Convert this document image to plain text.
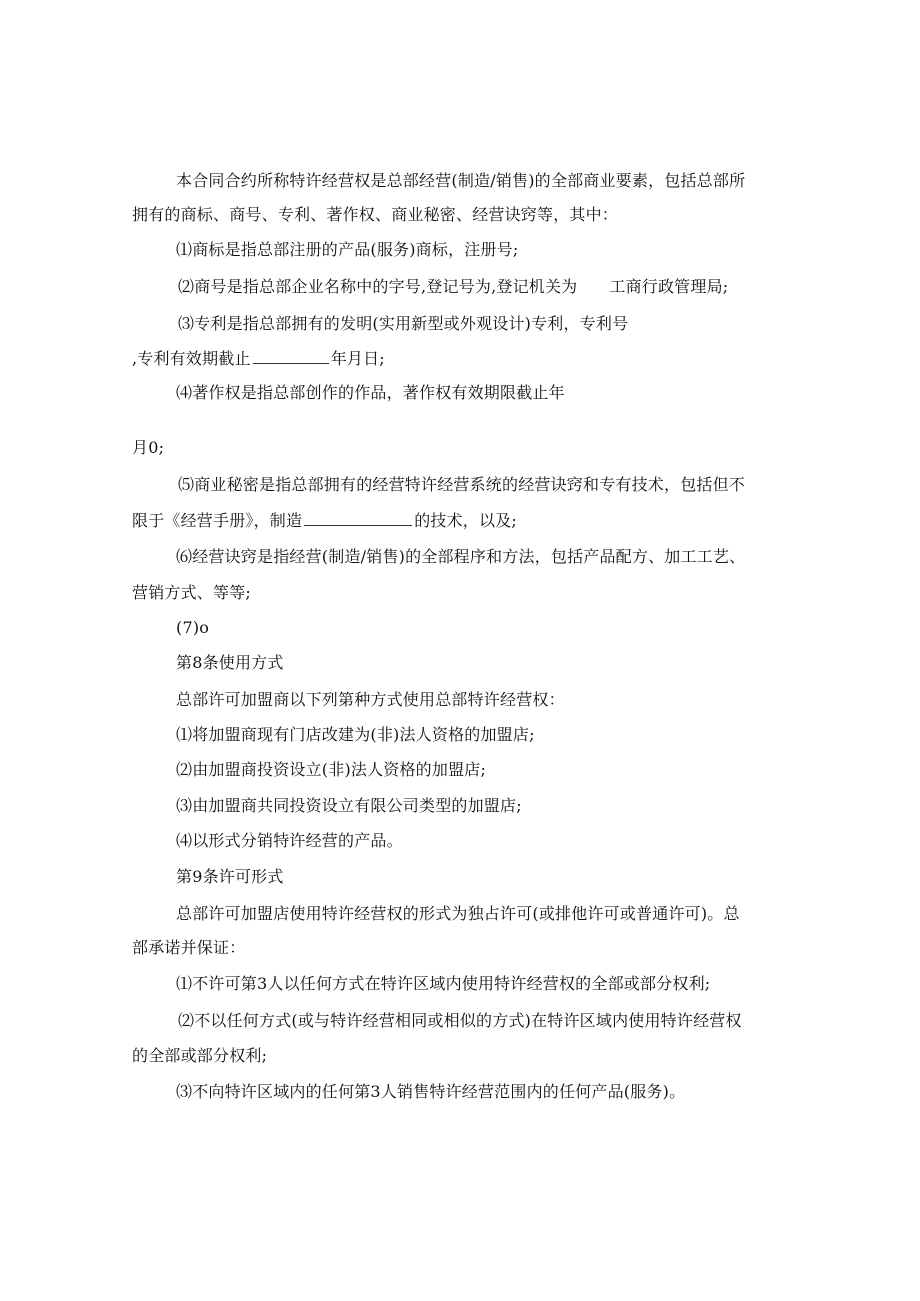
本合同合约所称特许经营权是总部经营(制造/销售)的全部商业要素，包括总部所
拥有的商标、商号、专利、著作权、商业秘密、经营诀窍等，其中：
⑴商标是指总部注册的产品(服务)商标，注册号;
⑵商号是指总部企业名称中的字号,登记号为,登记机关为 工商行政管理局;
⑶专利是指总部拥有的发明(实用新型或外观设计)专利，专利号
,专利有效期截止	年月日;
⑷著作权是指总部创作的作品，著作权有效期限截止年
月0;
⑸商业秘密是指总部拥有的经营特许经营系统的经营诀窍和专有技术，包括但不
限于《经营手册》，制造	的技术，以及;
⑹经营诀窍是指经营(制造/销售)的全部程序和方法，包括产品配方、加工工艺、
营销方式、等等;
(7)o
第8条使用方式
总部许可加盟商以下列第种方式使用总部特许经营权：
⑴将加盟商现有门店改建为(非)法人资格的加盟店;
⑵由加盟商投资设立(非)法人资格的加盟店;
⑶由加盟商共同投资设立有限公司类型的加盟店;
⑷以形式分销特许经营的产品。
第9条许可形式
总部许可加盟店使用特许经营权的形式为独占许可(或排他许可或普通许可)。总
部承诺并保证：
⑴不许可第3人以任何方式在特许区域内使用特许经营权的全部或部分权利;
⑵不以任何方式(或与特许经营相同或相似的方式)在特许区域内使用特许经营权
的全部或部分权利;
⑶不向特许区域内的任何第3人销售特许经营范围内的任何产品(服务)。
